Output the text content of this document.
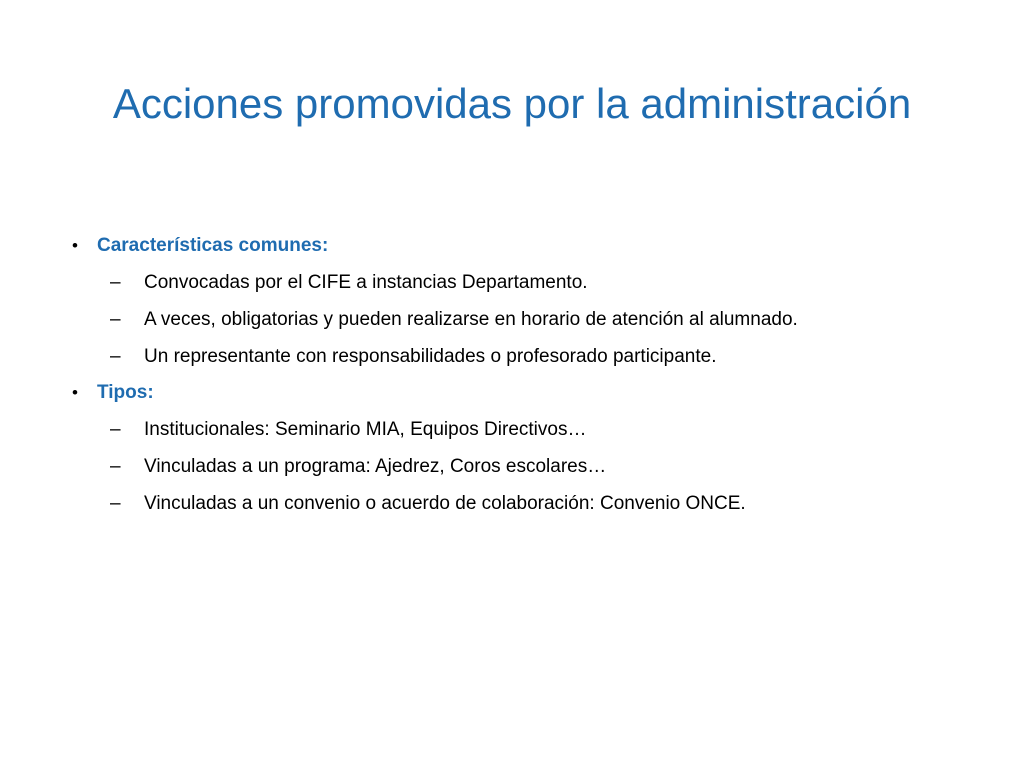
Acciones promovidas por la administración
• Características comunes:
– Convocadas por el CIFE a instancias Departamento.
– A veces, obligatorias y pueden realizarse en horario de atención al alumnado.
– Un representante con responsabilidades o profesorado participante.
• Tipos:
– Institucionales: Seminario MIA, Equipos Directivos…
– Vinculadas a un programa: Ajedrez, Coros escolares…
– Vinculadas a un convenio o acuerdo de colaboración: Convenio ONCE.
